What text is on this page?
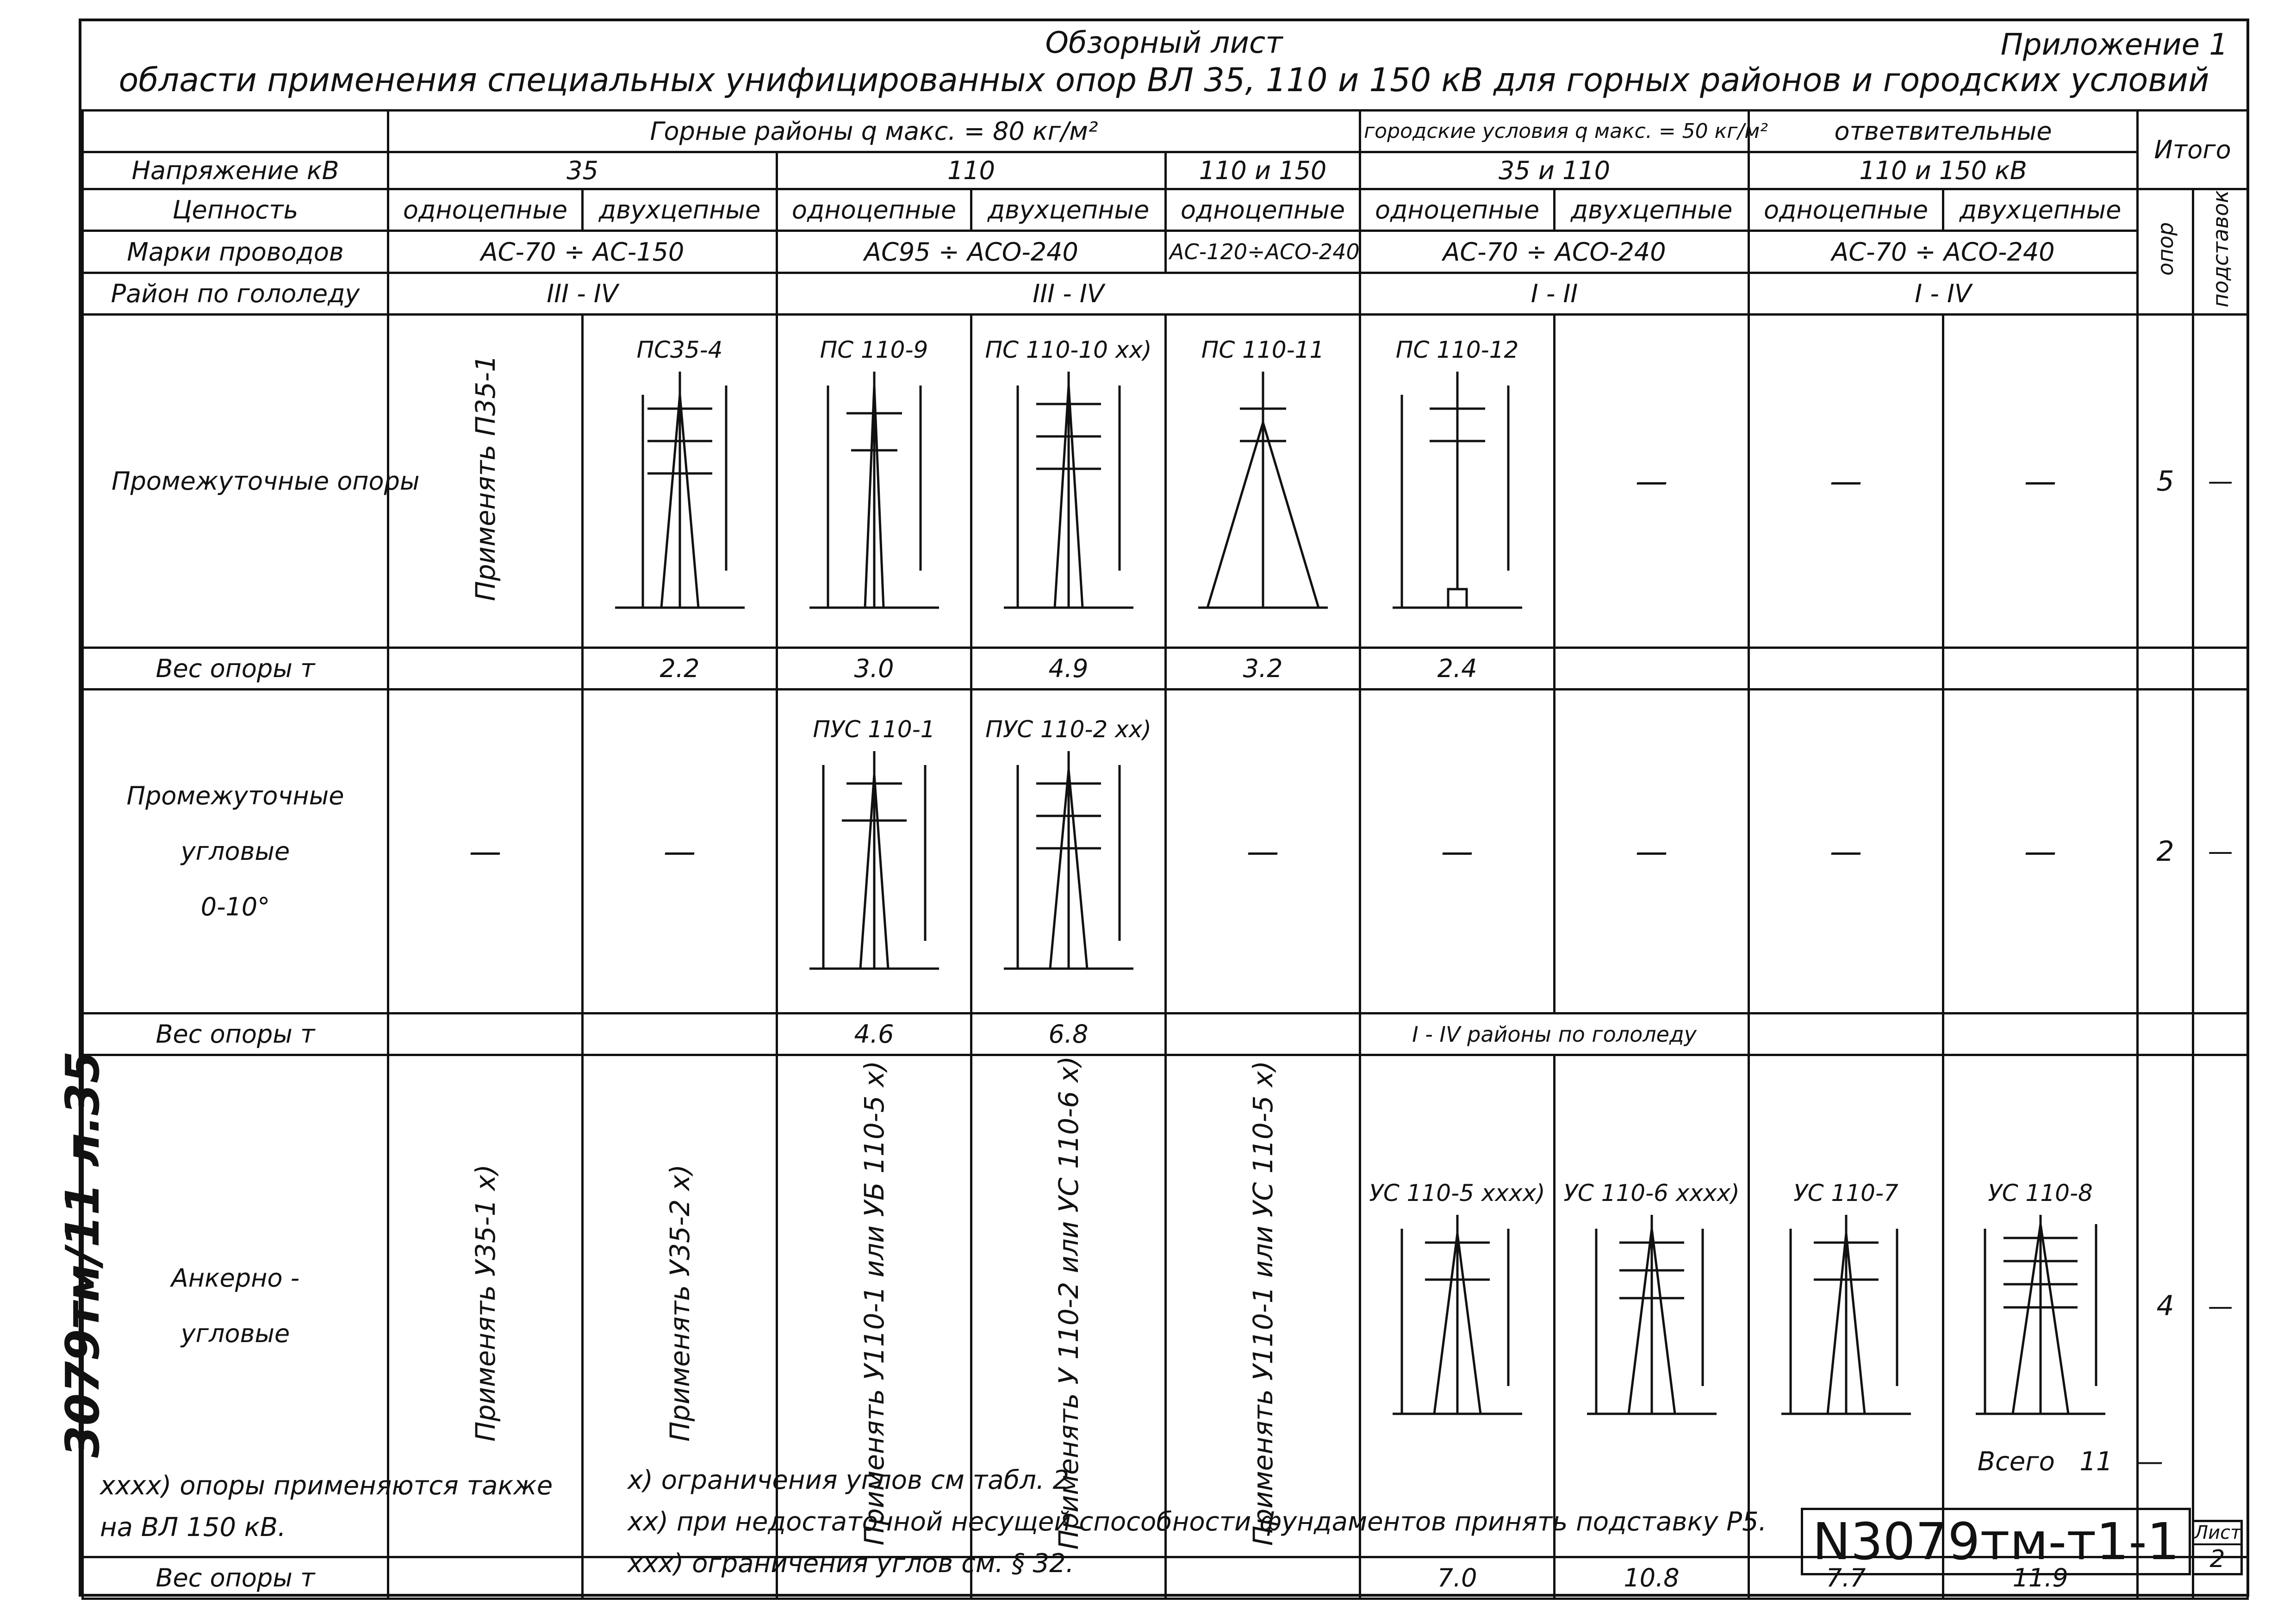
Обзорный лист
области применения специальных унифицированных опор ВЛ 35, 110 и 150 кВ для горных районов и городских условий
Приложение 1
	Горные районы q макс. = 80 кг/м²					городские условия q макс. = 50 кг/м²		ответвительные		Итого	
Напряжение кВ	35		110		110 и 150	35 и 110		110 и 150 кВ			
Цепность	одноцепные	двухцепные	одноцепные	двухцепные	одноцепные	одноцепные	двухцепные	одноцепные	двухцепные	опор	подставок
Марки проводов	АС-70 ÷ АС-150		АС95 ÷ АСО-240		АС-120÷АСО-240	АС-70 ÷ АСО-240		АС-70 ÷ АСО-240			
Район по гололеду	III - IV		III - IV			I - II		I - IV			
Промежуточные опоры	Применять П35-1	ПС35-4	ПС 110-9	ПС 110-10 xx)	ПС 110-11	ПС 110-12	—	—	—	5	—
Вес опоры т		2.2	3.0	4.9	3.2	2.4					

Промежуточные
угловые
0-10°	—	—	ПУС 110-1	ПУС 110-2 xx)	—	—	—	—	—	2	—
Вес опоры т			4.6	6.8		I - IV районы по гололеду					

Анкерно -
угловые	Применять У35-1 x)	Применять У35-2 x)	Применять У110-1 или УБ 110-5 x)	Применять У 110-2 или УС 110-6 x)	Применять У110-1 или УС 110-5 x)	УС 110-5 xxxx)	УС 110-6 xxxx)	УС 110-7	УС 110-8	4	—
Вес опоры т						7.0	10.8	7.7	11.9		
Всего 11 —
xxxx) опоры применяются также на ВЛ 150 кВ.
x) ограничения углов см табл. 2
xx) при недостаточной несущей способности фундаментов принять подставку Р5.
xxx) ограничения углов см. § 32.	N3079тм-т1-1 Лист
2
3079тм/11 л.35
